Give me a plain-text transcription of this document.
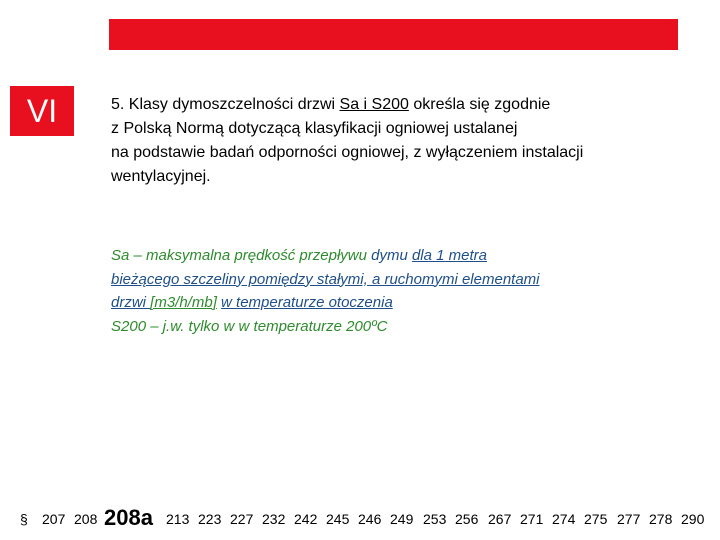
§ 208a.  Klasy reakcji na ogień

VI	5. Klasy dymoszczelności drzwi Sa i S200 określa się zgodnie
z Polską Normą dotyczącą klasyfikacji ogniowej ustalanej
na podstawie badań odporności ogniowej, z wyłączeniem instalacji
wentylacyjnej.
Sa – maksymalna prędkość przepływu dymu dla 1 metra
bieżącego szczeliny pomiędzy stałymi, a ruchomymi elementami
drzwi [m3/h/mb] w temperaturze otoczenia
S200 – j.w. tylko w w temperaturze 200ºC
§ 207 208 208a 213 223 227 232 242 245 246 249 253 256 267 271 274 275 277 278 290
